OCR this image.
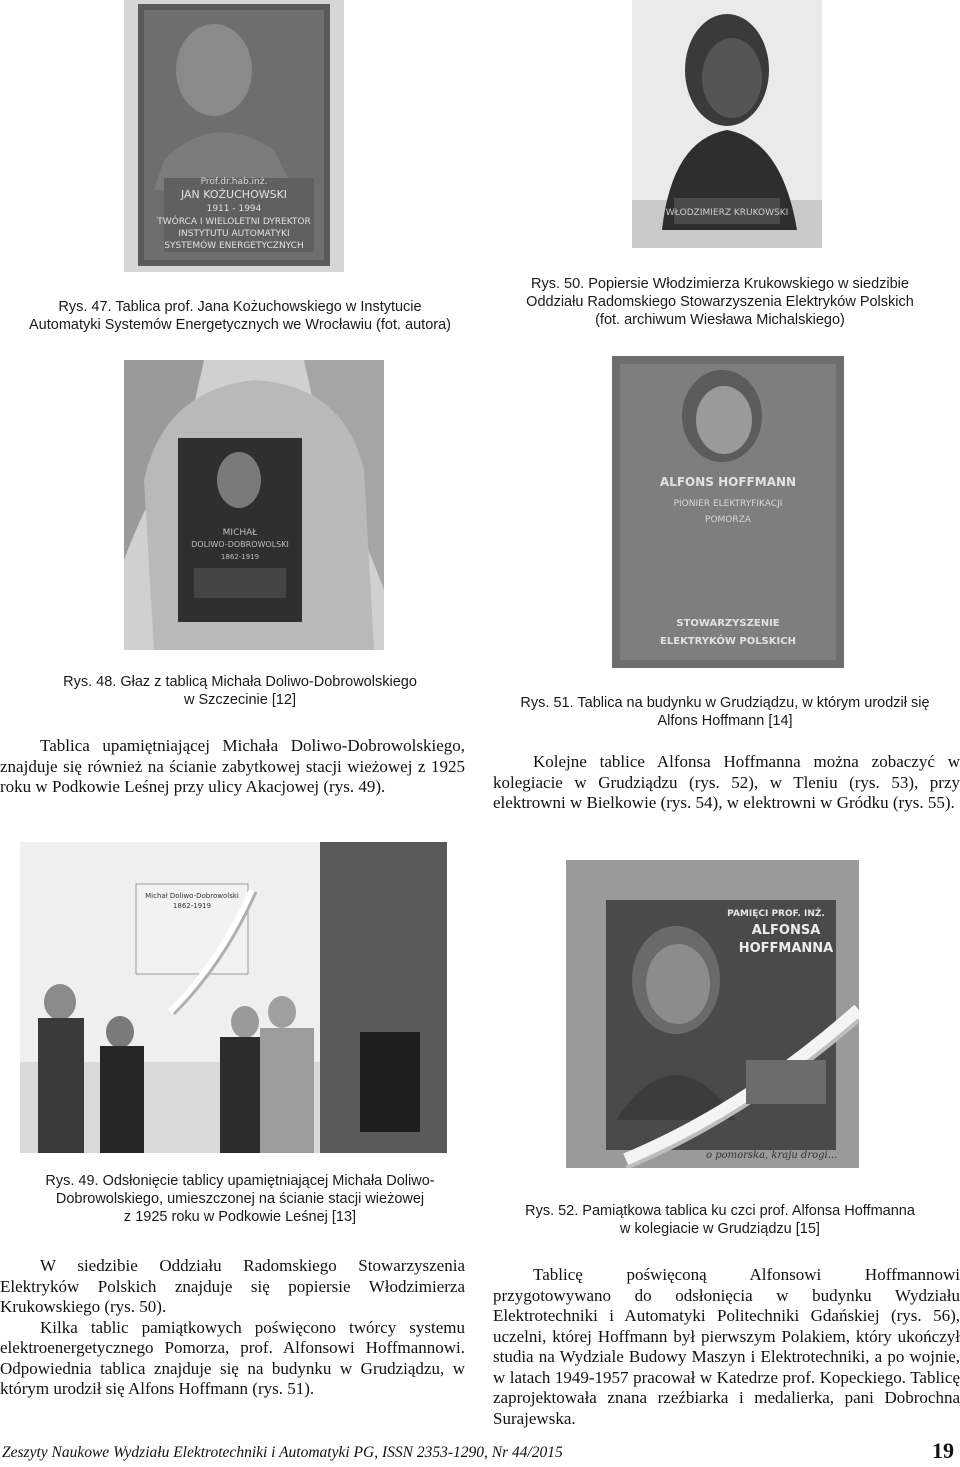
Prof.dr.hab.inż.
JAN KOŻUCHOWSKI
1911 - 1994
TWÓRCA I WIELOLETNI DYREKTOR
INSTYTUTU AUTOMATYKI
SYSTEMÓW ENERGETYCZNYCH
Rys. 47. Tablica prof. Jana Kożuchowskiego w Instytucie
Automatyki Systemów Energetycznych we Wrocławiu (fot. autora)
WŁODZIMIERZ KRUKOWSKI
Rys. 50. Popiersie Włodzimierza Krukowskiego w siedzibie
Oddziału Radomskiego Stowarzyszenia Elektryków Polskich
(fot. archiwum Wiesława Michalskiego)
MICHAŁ
DOLIWO-DOBROWOLSKI
1862-1919
ALFONS HOFFMANN
PIONIER ELEKTRYFIKACJI
POMORZA
STOWARZYSZENIE
ELEKTRYKÓW POLSKICH
Rys. 48. Głaz z tablicą Michała Doliwo-Dobrowolskiego
w Szczecinie [12]	Rys. 51. Tablica na budynku w Grudziądzu, w którym urodził się
Alfons Hoffmann [14]
Tablica upamiętniającej Michała Doliwo-Dobrowolskiego, znajduje się również na ścianie zabytkowej stacji wieżowej z 1925 roku w Podkowie Leśnej przy ulicy Akacjowej (rys. 49).
Kolejne tablice Alfonsa Hoffmanna można zobaczyć w kolegiacie w Grudziądzu (rys. 52), w Tleniu (rys. 53), przy elektrowni w Bielkowie (rys. 54), w elektrowni w Gródku (rys. 55).
Michał Doliwo-Dobrowolski
1862-1919
PAMIĘCI PROF. INŻ.
ALFONSA
HOFFMANNA
o pomorska, kraju drogi...
Rys. 49. Odsłonięcie tablicy upamiętniającej Michała Doliwo-
Dobrowolskiego, umieszczonej na ścianie stacji wieżowej
z 1925 roku w Podkowie Leśnej [13]	Rys. 52. Pamiątkowa tablica ku czci prof. Alfonsa Hoffmanna
w kolegiacie w Grudziądzu [15]
W siedzibie Oddziału Radomskiego Stowarzyszenia Elektryków Polskich znajduje się popiersie Włodzimierza Krukowskiego (rys. 50).
Kilka tablic pamiątkowych poświęcono twórcy systemu elektroenergetycznego Pomorza, prof. Alfonsowi Hoffmannowi. Odpowiednia tablica znajduje się na budynku w Grudziądzu, w którym urodził się Alfons Hoffmann (rys. 51).
Tablicę poświęconą Alfonsowi Hoffmannowi przygotowywano do odsłonięcia w budynku Wydziału Elektrotechniki i Automatyki Politechniki Gdańskiej (rys. 56), uczelni, której Hoffmann był pierwszym Polakiem, który ukończył studia na Wydziale Budowy Maszyn i Elektrotechniki, a po wojnie, w latach 1949-1957 pracował w Katedrze prof. Kopeckiego. Tablicę zaprojektowała znana rzeźbiarka i medalierka, pani Dobrochna Surajewska.
Zeszyty Naukowe Wydziału Elektrotechniki i Automatyki PG, ISSN 2353-1290, Nr 44/2015	19
